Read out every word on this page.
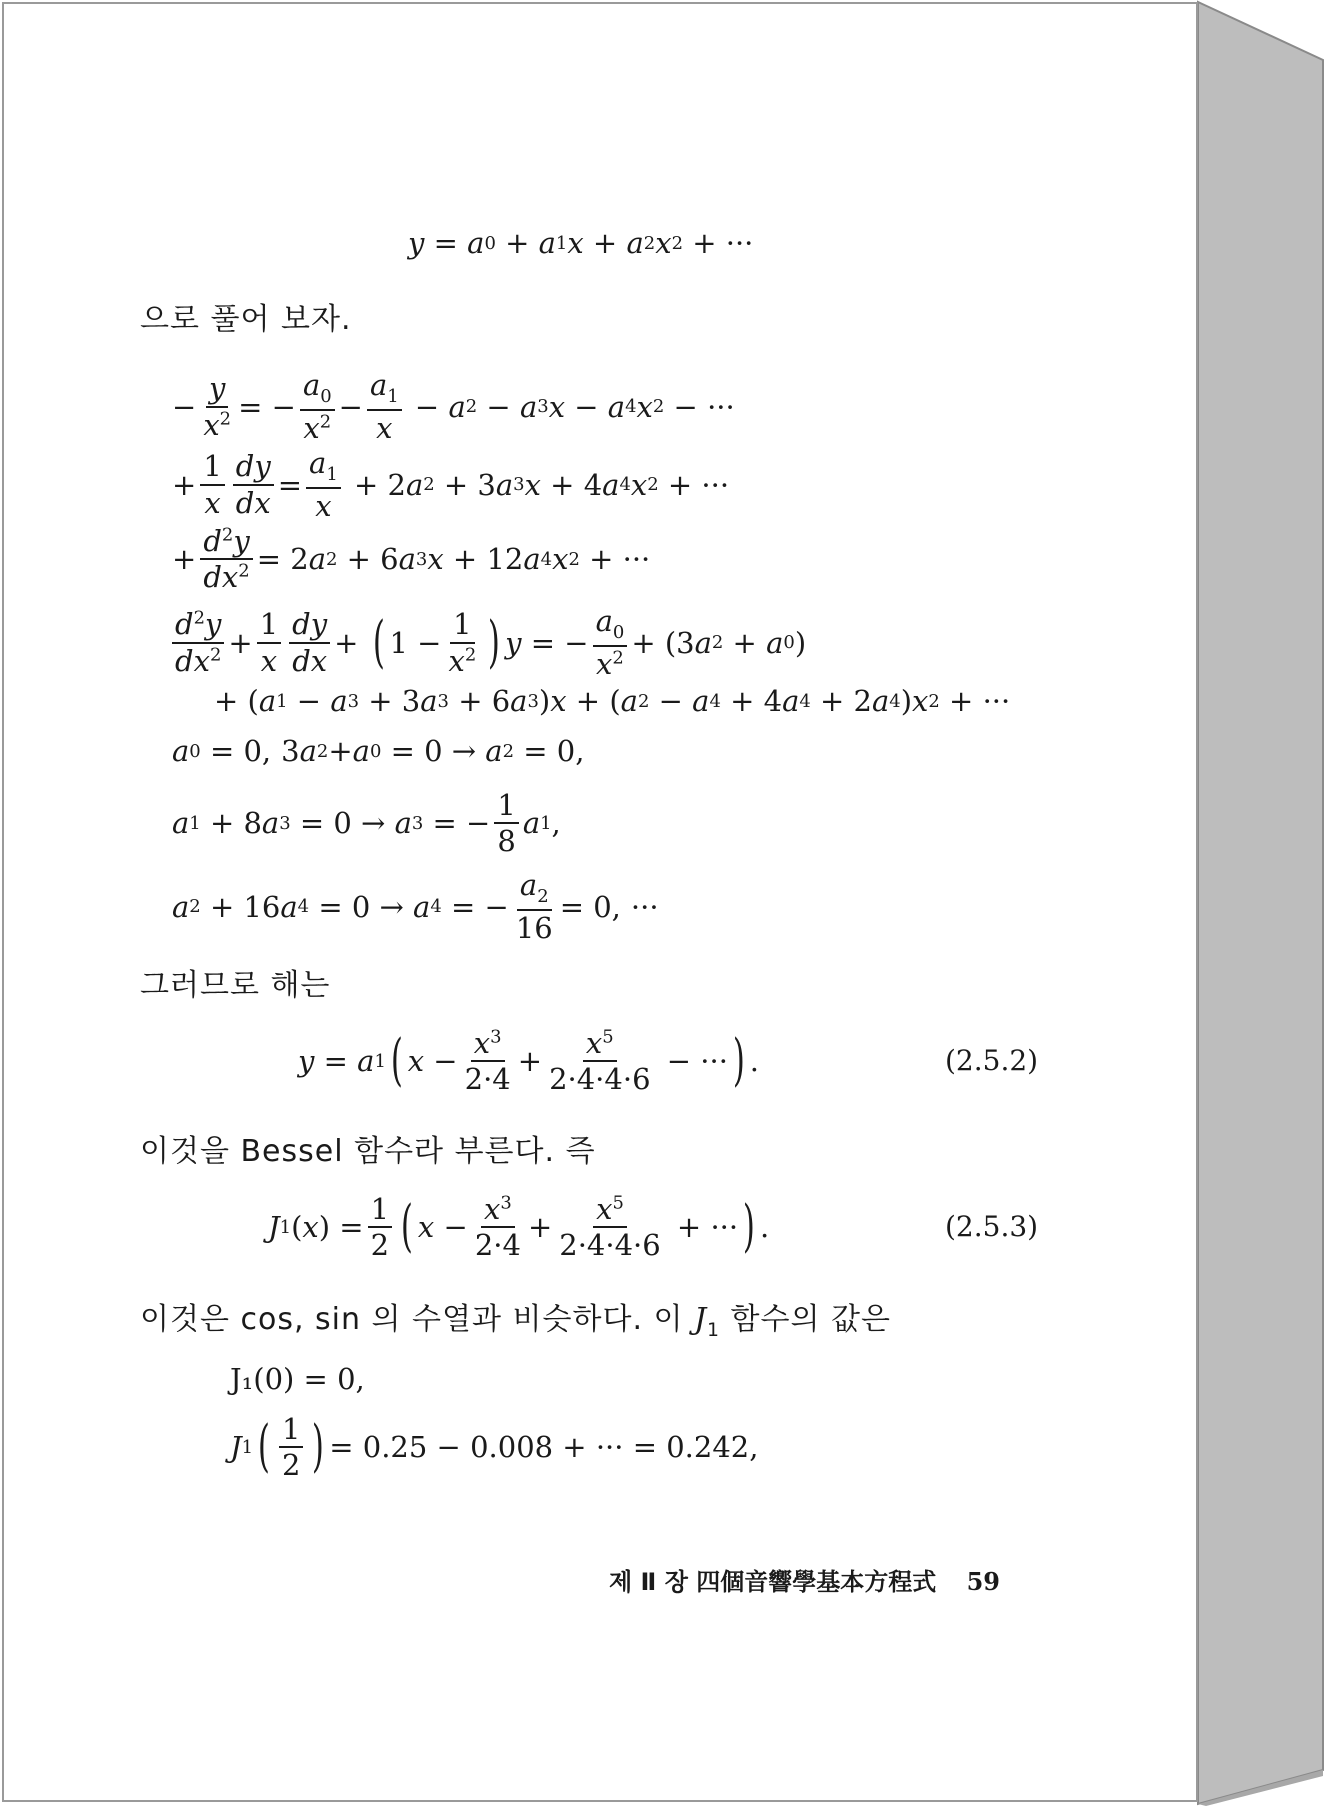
y = a 0 + a 1 x + a 2 x 2 + ···
으로 풀어 보자.
− $\frac{y}{x^2}$ = − $\frac{a_0}{x^2} - \frac{a_1}{x} - a$ 2 − a 3 x − a 4 x 2 − ···
+ $\frac{1}{x} \frac{dy}{dx} = \frac{a_1}{x} + 2$ a 2 + 3 a 3 x + 4 a 4 x 2 + ···
+ $\frac{d^2y}{dx^2} = 2$ a 2 + 6 a 3 x + 12 a 4 x 2 + ···
$\frac{d^2y}{dx^2} + \frac{1}{x} \frac{dy}{dx}$ + ( $1 - \frac{1}{x^2}$ ) y = − $\frac{a_0}{x^2} + (3$ a 2 + a 0 )
+ ( a 1 − a 3 + 3 a 3 + 6 a 3 ) x + ( a 2 − a 4 + 4 a 4 + 2 a 4 ) x 2 + ···
a 0 = 0, 3 a 2 + a 0 = 0 → a 2 = 0,
a 1 + 8 a 3 = 0 → a 3 = − $\frac{1}{8}$ a 1 ,
a 2 + 16 a 4 = 0 → a 4 = − $\frac{a_2}{16} = 0$, ···
그러므로 해는
y = a 1 ( $x - \frac{x^3}{2\cdot 4} + \frac{x^5}{2\cdot 4\cdot 4\cdot 6}$ − ··· ) .	(2.5.2)
이것을 Bessel 함수라 부른다. 즉
J 1 ( x ) = $\frac{1}{2}$ ( $x - \frac{x^3}{2\cdot 4} + \frac{x^5}{2\cdot 4\cdot 4\cdot 6}$ + ··· ) .	(2.5.3)
이것은 cos, sin 의 수열과 비슷하다. 이 $J_1$ 함수의 값은
J₁(0) = 0,
J 1 ( $\frac{1}{2}$ ) = 0.25 − 0.008 + ··· = 0.242,
제 Ⅱ 장 四個音響學基本方程式 59
